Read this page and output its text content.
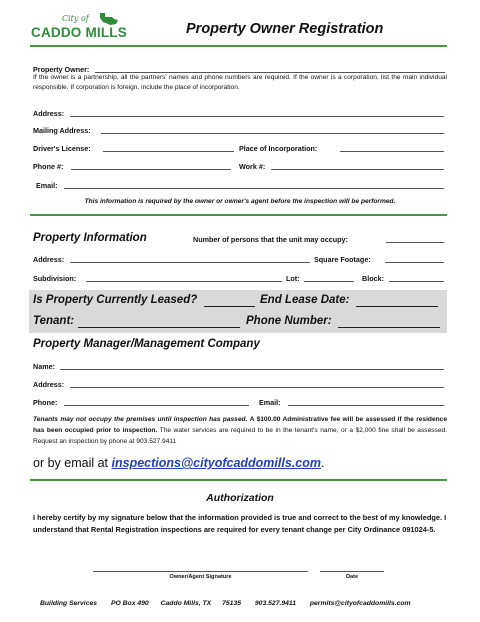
City of
CADDO MILLS	Property Owner Registration
Property Owner:
If the owner is a partnership, all the partners' names and phone numbers are required. If the owner is a corporation, list the main individual responsible. If corporation is foreign, include the place of incorporation.
Address:
Mailing Address:
Driver's License:	Place of Incorporation:
Phone #:	Work #:
Email:
This information is required by the owner or owner's agent before the inspection will be performed.
Property Information	Number of persons that the unit may occupy:
Address:	Square Footage:
Subdivision:	Lot:	Block:
Is Property Currently Leased?	End Lease Date:
Tenant:	Phone Number:
Property Manager/Management Company
Name:
Address:
Phone:	Email:
Tenants may not occupy the premises until inspection has passed. A $100.00 Administrative fee will be assessed if the residence has been occupied prior to inspection. The water services are required to be in the tenant's name, or a $2,000 fine shall be assessed. Request an inspection by phone at 903.527.9411
or by email at inspections@cityofcaddomills.com.
Authorization
I hereby certify by my signature below that the information provided is true and correct to the best of my knowledge. I understand that Rental Registration inspections are required for every tenant change per City Ordinance 091024-5.
Owner/Agent Signature	Date
Building Services PO Box 490 Caddo Mills, TX 75135 903.527.9411 permits@cityofcaddomills.com
